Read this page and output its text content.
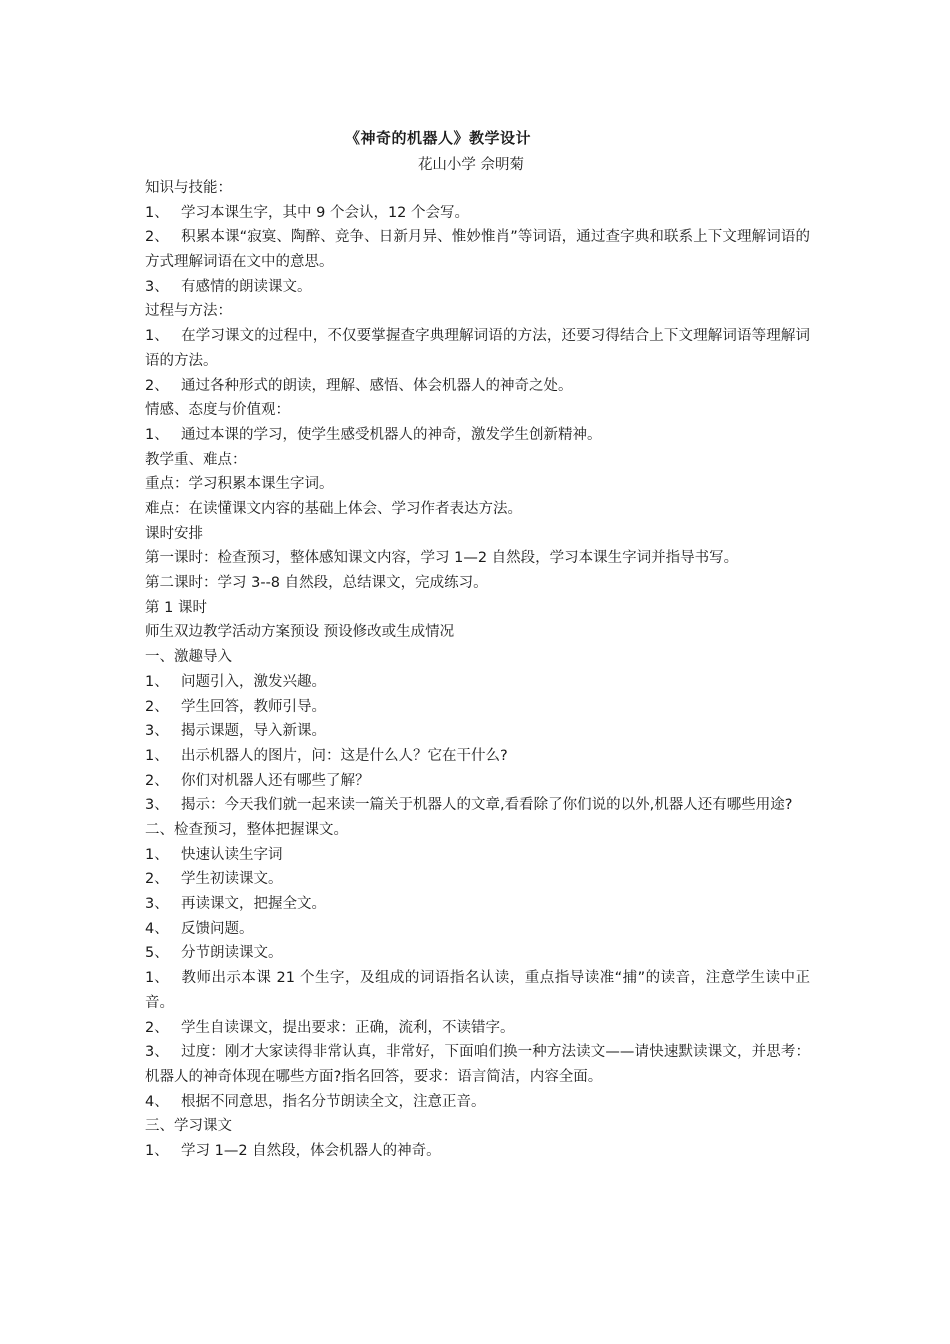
《神奇的机器人》教学设计
花山小学 佘明菊
知识与技能：
1、 学习本课生字，其中 9 个会认，12 个会写。
2、 积累本课“寂寞、陶醉、竞争、日新月异、惟妙惟肖”等词语，通过查字典和联系上下文理解词语的方式理解词语在文中的意思。
3、 有感情的朗读课文。
过程与方法：
1、 在学习课文的过程中，不仅要掌握查字典理解词语的方法，还要习得结合上下文理解词语等理解词语的方法。
2、 通过各种形式的朗读，理解、感悟、体会机器人的神奇之处。
情感、态度与价值观：
1、 通过本课的学习，使学生感受机器人的神奇，激发学生创新精神。
教学重、难点：
重点：学习积累本课生字词。
难点：在读懂课文内容的基础上体会、学习作者表达方法。
课时安排
第一课时：检查预习，整体感知课文内容，学习 1—2 自然段，学习本课生字词并指导书写。
第二课时：学习 3--8 自然段，总结课文，完成练习。
第 1 课时
师生双边教学活动方案预设 预设修改或生成情况
一、激趣导入
1、 问题引入，激发兴趣。
2、 学生回答，教师引导。
3、 揭示课题，导入新课。
1、 出示机器人的图片，问：这是什么人？它在干什么?
2、 你们对机器人还有哪些了解？
3、 揭示：今天我们就一起来读一篇关于机器人的文章,看看除了你们说的以外,机器人还有哪些用途?
二、检查预习，整体把握课文。
1、 快速认读生字词
2、 学生初读课文。
3、 再读课文，把握全文。
4、 反馈问题。
5、 分节朗读课文。
1、 教师出示本课 21 个生字，及组成的词语指名认读，重点指导读准“捕”的读音，注意学生读中正音。
2、 学生自读课文，提出要求：正确，流利，不读错字。
3、 过度：刚才大家读得非常认真，非常好，下面咱们换一种方法读文——请快速默读课文，并思考：机器人的神奇体现在哪些方面?指名回答，要求：语言简洁，内容全面。
4、 根据不同意思，指名分节朗读全文，注意正音。
三、学习课文
1、 学习 1—2 自然段，体会机器人的神奇。
